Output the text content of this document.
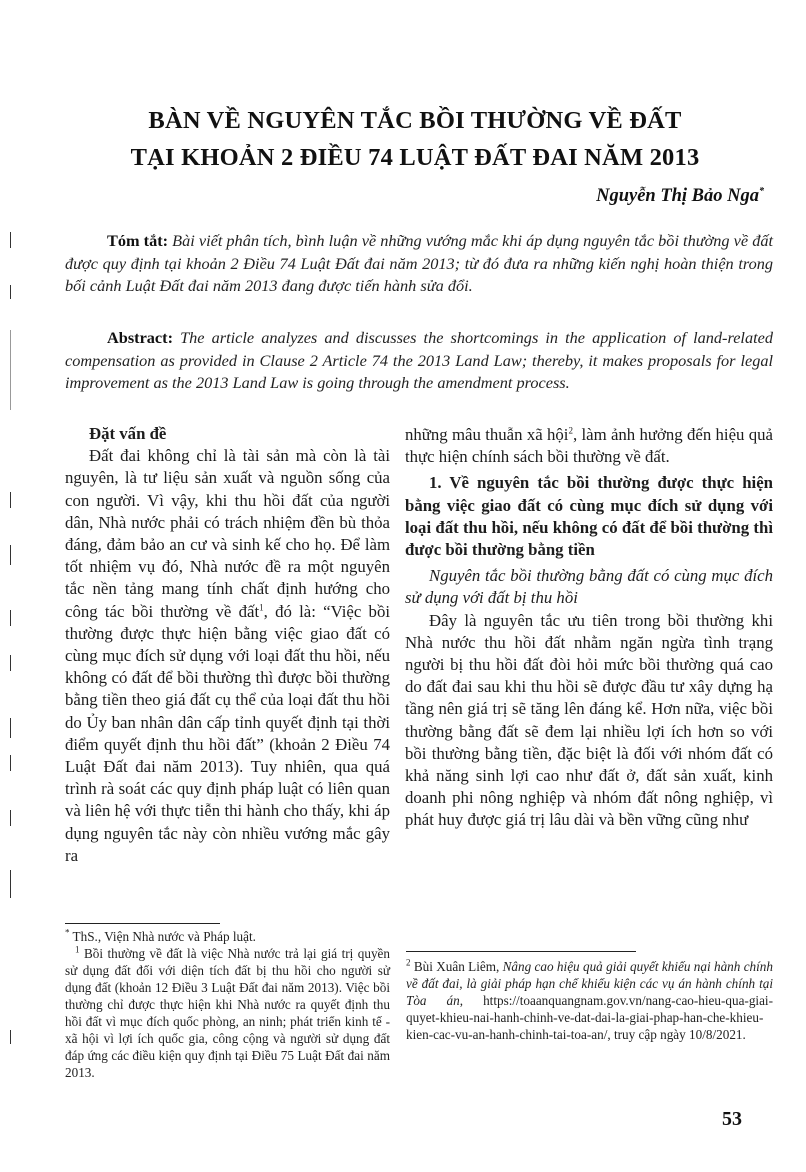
BÀN VỀ NGUYÊN TẮC BỒI THƯỜNG VỀ ĐẤT
TẠI KHOẢN 2 ĐIỀU 74 LUẬT ĐẤT ĐAI NĂM 2013
Nguyễn Thị Bảo Nga*

Tóm tắt: Bài viết phân tích, bình luận về những vướng mắc khi áp dụng nguyên tắc bồi thường về đất được quy định tại khoản 2 Điều 74 Luật Đất đai năm 2013; từ đó đưa ra những kiến nghị hoàn thiện trong bối cảnh Luật Đất đai năm 2013 đang được tiến hành sửa đổi.

Abstract: The article analyzes and discusses the shortcomings in the application of land-related compensation as provided in Clause 2 Article 74 the 2013 Land Law; thereby, it makes proposals for legal improvement as the 2013 Land Law is going through the amendment process.

Đặt vấn đề

Đất đai không chỉ là tài sản mà còn là tài nguyên, là tư liệu sản xuất và nguồn sống của con người. Vì vậy, khi thu hồi đất của người dân, Nhà nước phải có trách nhiệm đền bù thỏa đáng, đảm bảo an cư và sinh kế cho họ. Để làm tốt nhiệm vụ đó, Nhà nước đề ra một nguyên tắc nền tảng mang tính chất định hướng cho công tác bồi thường về đất$^1$, đó là: “Việc bồi thường được thực hiện bằng việc giao đất có cùng mục đích sử dụng với loại đất thu hồi, nếu không có đất để bồi thường thì được bồi thường bằng tiền theo giá đất cụ thể của loại đất thu hồi do Ủy ban nhân dân cấp tỉnh quyết định tại thời điểm quyết định thu hồi đất” (khoản 2 Điều 74 Luật Đất đai năm 2013). Tuy nhiên, qua quá trình rà soát các quy định pháp luật có liên quan và liên hệ với thực tiễn thi hành cho thấy, khi áp dụng nguyên tắc này còn nhiều vướng mắc gây ra

những mâu thuẫn xã hội$^2$, làm ảnh hưởng đến hiệu quả thực hiện chính sách bồi thường về đất.

1. Về nguyên tắc bồi thường được thực hiện bằng việc giao đất có cùng mục đích sử dụng với loại đất thu hồi, nếu không có đất để bồi thường thì được bồi thường bằng tiền

Nguyên tắc bồi thường bằng đất có cùng mục đích sử dụng với đất bị thu hồi

Đây là nguyên tắc ưu tiên trong bồi thường khi Nhà nước thu hồi đất nhằm ngăn ngừa tình trạng người bị thu hồi đất đòi hỏi mức bồi thường quá cao do đất đai sau khi thu hồi sẽ được đầu tư xây dựng hạ tầng nên giá trị sẽ tăng lên đáng kể. Hơn nữa, việc bồi thường bằng đất sẽ đem lại nhiều lợi ích hơn so với bồi thường bằng tiền, đặc biệt là đối với nhóm đất có khả năng sinh lợi cao như đất ở, đất sản xuất, kinh doanh phi nông nghiệp và nhóm đất nông nghiệp, vì phát huy được giá trị lâu dài và bền vững cũng như

* ThS., Viện Nhà nước và Pháp luật.

$^1$ Bồi thường về đất là việc Nhà nước trả lại giá trị quyền sử dụng đất đối với diện tích đất bị thu hồi cho người sử dụng đất (khoản 12 Điều 3 Luật Đất đai năm 2013). Việc bồi thường chỉ được thực hiện khi Nhà nước ra quyết định thu hồi đất vì mục đích quốc phòng, an ninh; phát triển kinh tế - xã hội vì lợi ích quốc gia, công cộng và người sử dụng đất đáp ứng các điều kiện quy định tại Điều 75 Luật Đất đai năm 2013.

$^2$ Bùi Xuân Liêm, Nâng cao hiệu quả giải quyết khiếu nại hành chính về đất đai, là giải pháp hạn chế khiếu kiện các vụ án hành chính tại Tòa án, https://toaanquangnam.gov.vn/nang-cao-hieu-qua-giai-quyet-khieu-nai-hanh-chinh-ve-dat-dai-la-giai-phap-han-che-khieu-kien-cac-vu-an-hanh-chinh-tai-toa-an/, truy cập ngày 10/8/2021.

53
